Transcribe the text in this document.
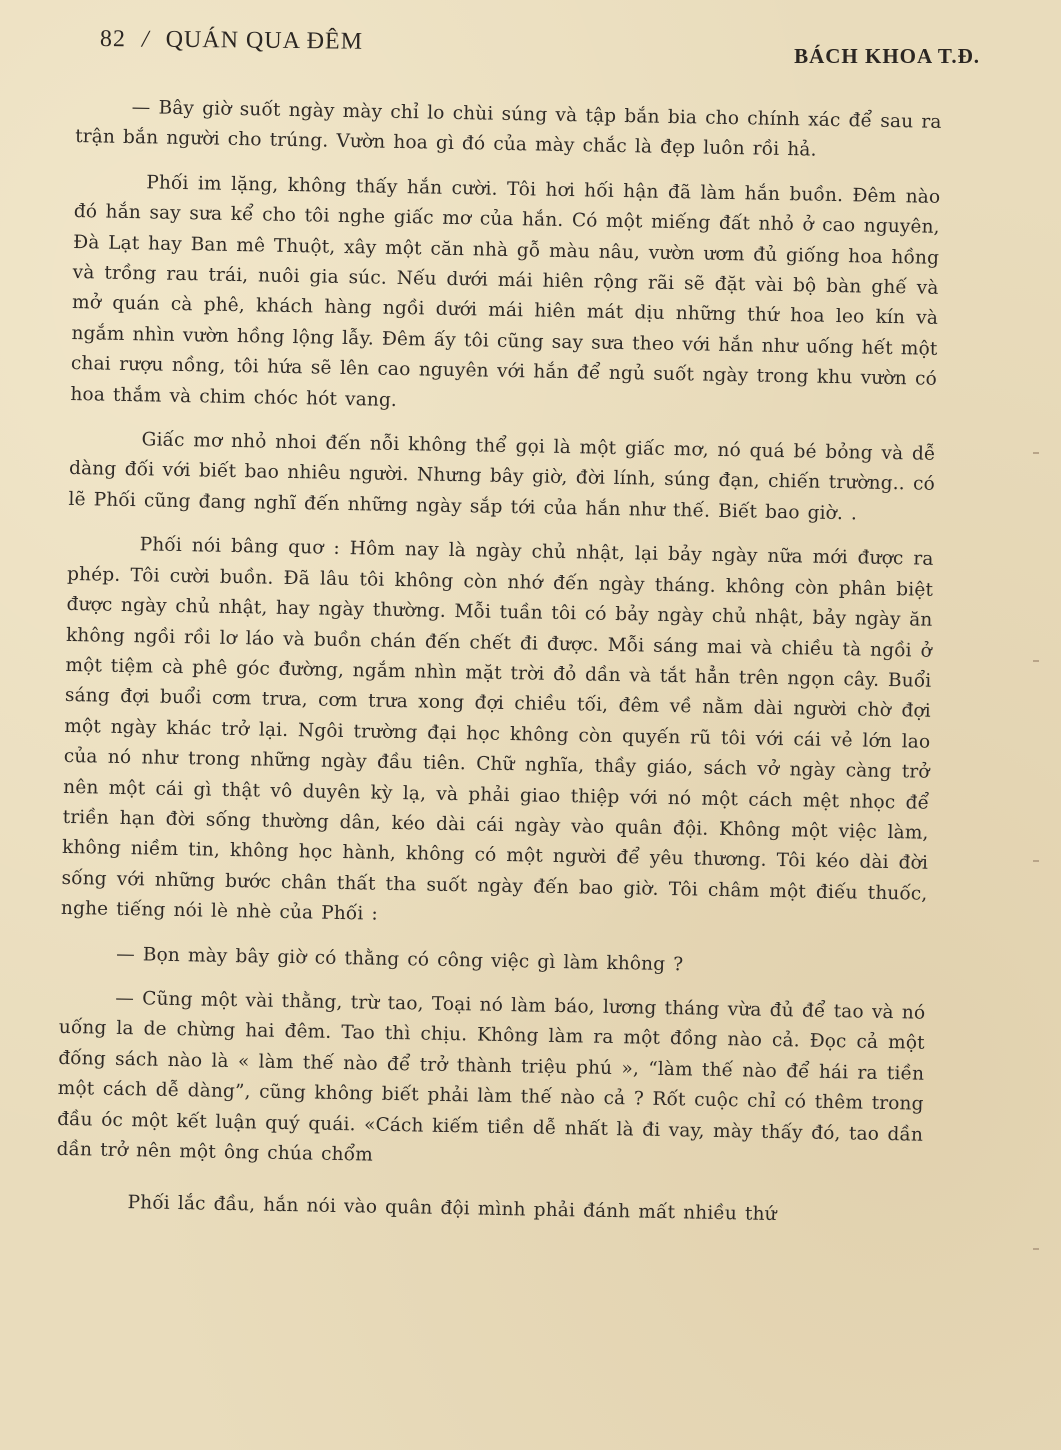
82 / QUÁN QUA ĐÊM
BÁCH KHOA T.Đ.

— Bây giờ suốt ngày mày chỉ lo chùi súng và tập bắn bia cho chính xác để sau ra trận bắn người cho trúng. Vườn hoa gì đó của mày chắc là đẹp luôn rồi hả.

Phối im lặng, không thấy hắn cười. Tôi hơi hối hận đã làm hắn buồn. Đêm nào đó hắn say sưa kể cho tôi nghe giấc mơ của hắn. Có một miếng đất nhỏ ở cao nguyên, Đà Lạt hay Ban mê Thuột, xây một căn nhà gỗ màu nâu, vườn ươm đủ giống hoa hồng và trồng rau trái, nuôi gia súc. Nếu dưới mái hiên rộng rãi sẽ đặt vài bộ bàn ghế và mở quán cà phê, khách hàng ngồi dưới mái hiên mát dịu những thứ hoa leo kín và ngắm nhìn vườn hồng lộng lẫy. Đêm ấy tôi cũng say sưa theo với hắn như uống hết một chai rượu nồng, tôi hứa sẽ lên cao nguyên với hắn để ngủ suốt ngày trong khu vườn có hoa thắm và chim chóc hót vang.

Giấc mơ nhỏ nhoi đến nỗi không thể gọi là một giấc mơ, nó quá bé bỏng và dễ dàng đối với biết bao nhiêu người. Nhưng bây giờ, đời lính, súng đạn, chiến trường.. có lẽ Phối cũng đang nghĩ đến những ngày sắp tới của hắn như thế. Biết bao giờ. .

Phối nói bâng quơ : Hôm nay là ngày chủ nhật, lại bảy ngày nữa mới được ra phép. Tôi cười buồn. Đã lâu tôi không còn nhớ đến ngày tháng. không còn phân biệt được ngày chủ nhật, hay ngày thường. Mỗi tuần tôi có bảy ngày chủ nhật, bảy ngày ăn không ngồi rồi lơ láo và buồn chán đến chết đi được. Mỗi sáng mai và chiều tà ngồi ở một tiệm cà phê góc đường, ngắm nhìn mặt trời đỏ dần và tắt hẳn trên ngọn cây. Buổi sáng đợi buổi cơm trưa, cơm trưa xong đợi chiều tối, đêm về nằm dài người chờ đợi một ngày khác trở lại. Ngôi trường đại học không còn quyến rũ tôi với cái vẻ lớn lao của nó như trong những ngày đầu tiên. Chữ nghĩa, thầy giáo, sách vở ngày càng trở nên một cái gì thật vô duyên kỳ lạ, và phải giao thiệp với nó một cách mệt nhọc để triền hạn đời sống thường dân, kéo dài cái ngày vào quân đội. Không một việc làm, không niềm tin, không học hành, không có một người để yêu thương. Tôi kéo dài đời sống với những bước chân thất tha suốt ngày đến bao giờ. Tôi châm một điếu thuốc, nghe tiếng nói lè nhè của Phối :

— Bọn mày bây giờ có thằng có công việc gì làm không ?

— Cũng một vài thằng, trừ tao, Toại nó làm báo, lương tháng vừa đủ để tao và nó uống la de chừng hai đêm. Tao thì chịu. Không làm ra một đồng nào cả. Đọc cả một đống sách nào là « làm thế nào để trở thành triệu phú », “làm thế nào để hái ra tiền một cách dễ dàng”, cũng không biết phải làm thế nào cả ? Rốt cuộc chỉ có thêm trong đầu óc một kết luận quý quái. «Cách kiếm tiền dễ nhất là đi vay, mày thấy đó, tao dần dần trở nên một ông chúa chổm

Phối lắc đầu, hắn nói vào quân đội mình phải đánh mất nhiều thứ
